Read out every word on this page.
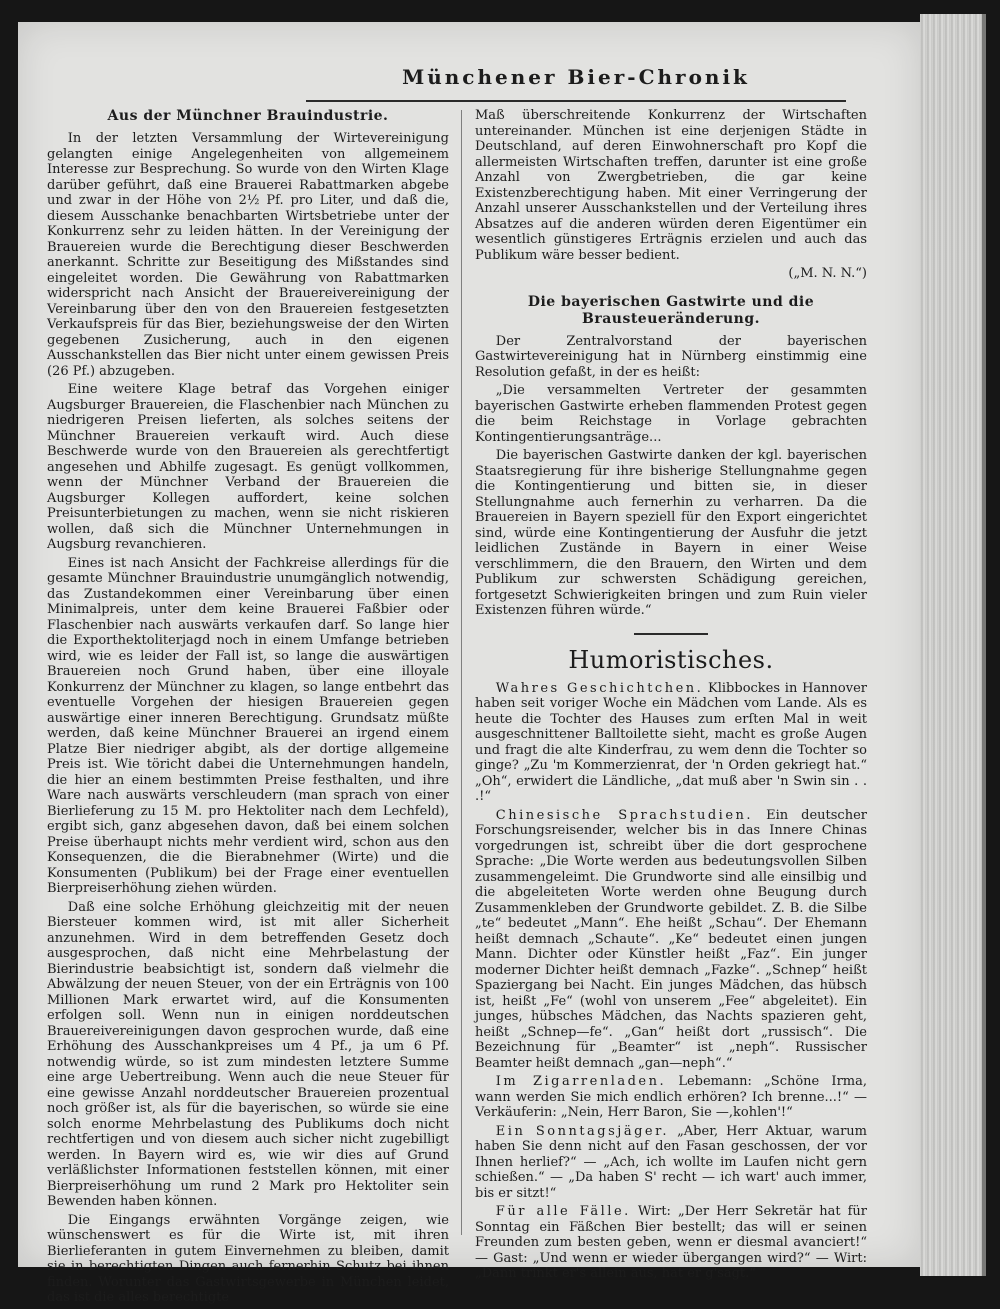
Münchener Bier-Chronik
Aus der Münchner Brauindustrie.

In der letzten Versammlung der Wirtevereinigung gelangten einige Angelegenheiten von allgemeinem Interesse zur Besprechung. So wurde von den Wirten Klage darüber geführt, daß eine Brauerei Rabattmarken abgebe und zwar in der Höhe von 2½ Pf. pro Liter, und daß die, diesem Ausschanke benachbarten Wirtsbetriebe unter der Konkurrenz sehr zu leiden hätten. In der Vereinigung der Brauereien wurde die Berechtigung dieser Beschwerden anerkannt. Schritte zur Beseitigung des Mißstandes sind eingeleitet worden. Die Gewährung von Rabattmarken widerspricht nach Ansicht der Brauereivereinigung der Vereinbarung über den von den Brauereien festgesetzten Verkaufspreis für das Bier, beziehungsweise der den Wirten gegebenen Zusicherung, auch in den eigenen Ausschankstellen das Bier nicht unter einem gewissen Preis (26 Pf.) abzugeben.

Eine weitere Klage betraf das Vorgehen einiger Augsburger Brauereien, die Flaschenbier nach München zu niedrigeren Preisen lieferten, als solches seitens der Münchner Brauereien verkauft wird. Auch diese Beschwerde wurde von den Brauereien als gerechtfertigt angesehen und Abhilfe zugesagt. Es genügt vollkommen, wenn der Münchner Verband der Brauereien die Augsburger Kollegen auffordert, keine solchen Preisunterbietungen zu machen, wenn sie nicht riskieren wollen, daß sich die Münchner Unternehmungen in Augsburg revanchieren.

Eines ist nach Ansicht der Fachkreise allerdings für die gesamte Münchner Brauindustrie unumgänglich notwendig, das Zustandekommen einer Vereinbarung über einen Minimalpreis, unter dem keine Brauerei Faßbier oder Flaschenbier nach auswärts verkaufen darf. So lange hier die Exporthektoliterjagd noch in einem Umfange betrieben wird, wie es leider der Fall ist, so lange die auswärtigen Brauereien noch Grund haben, über eine illoyale Konkurrenz der Münchner zu klagen, so lange entbehrt das eventuelle Vorgehen der hiesigen Brauereien gegen auswärtige einer inneren Berechtigung. Grundsatz müßte werden, daß keine Münchner Brauerei an irgend einem Platze Bier niedriger abgibt, als der dortige allgemeine Preis ist. Wie töricht dabei die Unternehmungen handeln, die hier an einem bestimmten Preise festhalten, und ihre Ware nach auswärts verschleudern (man sprach von einer Bierlieferung zu 15 M. pro Hektoliter nach dem Lechfeld), ergibt sich, ganz abgesehen davon, daß bei einem solchen Preise überhaupt nichts mehr verdient wird, schon aus den Konsequenzen, die die Bierabnehmer (Wirte) und die Konsumenten (Publikum) bei der Frage einer eventuellen Bierpreiserhöhung ziehen würden.

Daß eine solche Erhöhung gleichzeitig mit der neuen Biersteuer kommen wird, ist mit aller Sicherheit anzunehmen. Wird in dem betreffenden Gesetz doch ausgesprochen, daß nicht eine Mehrbelastung der Bierindustrie beabsichtigt ist, sondern daß vielmehr die Abwälzung der neuen Steuer, von der ein Erträgnis von 100 Millionen Mark erwartet wird, auf die Konsumenten erfolgen soll. Wenn nun in einigen norddeutschen Brauereivereinigungen davon gesprochen wurde, daß eine Erhöhung des Ausschankpreises um 4 Pf., ja um 6 Pf. notwendig würde, so ist zum mindesten letztere Summe eine arge Uebertreibung. Wenn auch die neue Steuer für eine gewisse Anzahl norddeutscher Brauereien prozentual noch größer ist, als für die bayerischen, so würde sie eine solch enorme Mehrbelastung des Publikums doch nicht rechtfertigen und von diesem auch sicher nicht zugebilligt werden. In Bayern wird es, wie wir dies auf Grund verläßlichster Informationen feststellen können, mit einer Bierpreiserhöhung um rund 2 Mark pro Hektoliter sein Bewenden haben können.

Die Eingangs erwähnten Vorgänge zeigen, wie wünschenswert es für die Wirte ist, mit ihren Bierlieferanten in gutem Einvernehmen zu bleiben, damit sie in berechtigten Dingen auch fernerhin Schutz bei ihnen finden. Worunter das Gastwirtsgewerbe in München leidet, das ist die alles berechtigte

Maß überschreitende Konkurrenz der Wirtschaften untereinander. München ist eine derjenigen Städte in Deutschland, auf deren Einwohnerschaft pro Kopf die allermeisten Wirtschaften treffen, darunter ist eine große Anzahl von Zwergbetrieben, die gar keine Existenzberechtigung haben. Mit einer Verringerung der Anzahl unserer Ausschankstellen und der Verteilung ihres Absatzes auf die anderen würden deren Eigentümer ein wesentlich günstigeres Erträgnis erzielen und auch das Publikum wäre besser bedient.

(„M. N. N.“)
Die bayerischen Gastwirte und die Brausteueränderung.

Der Zentralvorstand der bayerischen Gastwirtevereinigung hat in Nürnberg einstimmig eine Resolution gefaßt, in der es heißt:

„Die versammelten Vertreter der gesammten bayerischen Gastwirte erheben flammenden Protest gegen die beim Reichstage in Vorlage gebrachten Kontingentierungsanträge...

Die bayerischen Gastwirte danken der kgl. bayerischen Staatsregierung für ihre bisherige Stellungnahme gegen die Kontingentierung und bitten sie, in dieser Stellungnahme auch fernerhin zu verharren. Da die Brauereien in Bayern speziell für den Export eingerichtet sind, würde eine Kontingentierung der Ausfuhr die jetzt leidlichen Zustände in Bayern in einer Weise verschlimmern, die den Brauern, den Wirten und dem Publikum zur schwersten Schädigung gereichen, fortgesetzt Schwierigkeiten bringen und zum Ruin vieler Existenzen führen würde.“

Humoristisches.

Wahres Geschichtchen. Klibbockes in Hannover haben seit voriger Woche ein Mädchen vom Lande. Als es heute die Tochter des Hauses zum erſten Mal in weit ausgeschnittener Balltoilette sieht, macht es große Augen und fragt die alte Kinderfrau, zu wem denn die Tochter so ginge? „Zu 'm Kommerzienrat, der 'n Orden gekriegt hat.“ „Oh“, erwidert die Ländliche, „dat muß aber 'n Swin sin . . .!“

Chinesische Sprachstudien. Ein deutscher Forschungsreisender, welcher bis in das Innere Chinas vorgedrungen ist, schreibt über die dort gesprochene Sprache: „Die Worte werden aus bedeutungsvollen Silben zusammengeleimt. Die Grundworte sind alle einsilbig und die abgeleiteten Worte werden ohne Beugung durch Zusammenkleben der Grundworte gebildet. Z. B. die Silbe „te“ bedeutet „Mann“. Ehe heißt „Schau“. Der Ehemann heißt demnach „Schaute“. „Ke“ bedeutet einen jungen Mann. Dichter oder Künstler heißt „Faz“. Ein junger moderner Dichter heißt demnach „Fazke“. „Schnep“ heißt Spaziergang bei Nacht. Ein junges Mädchen, das hübsch ist, heißt „Fe“ (wohl von unserem „Fee“ abgeleitet). Ein junges, hübsches Mädchen, das Nachts spazieren geht, heißt „Schnep—fe“. „Gan“ heißt dort „russisch“. Die Bezeichnung für „Beamter“ ist „neph“. Russischer Beamter heißt demnach „gan—neph“.“

Im Zigarrenladen. Lebemann: „Schöne Irma, wann werden Sie mich endlich erhören? Ich brenne...!“ — Verkäuferin: „Nein, Herr Baron, Sie —,kohlen'!“

Ein Sonntagsjäger. „Aber, Herr Aktuar, warum haben Sie denn nicht auf den Fasan geschossen, der vor Ihnen herlief?“ — „Ach, ich wollte im Laufen nicht gern schießen.“ — „Da haben S' recht — ich wart' auch immer, bis er sitzt!“

Für alle Fälle. Wirt: „Der Herr Sekretär hat für Sonntag ein Fäßchen Bier bestellt; das will er seinen Freunden zum besten geben, wenn er diesmal avanciert!“ — Gast: „Und wenn er wieder übergangen wird?“ — Wirt: „Dann trinkt er's allein aus, hat er g'sagt.“
